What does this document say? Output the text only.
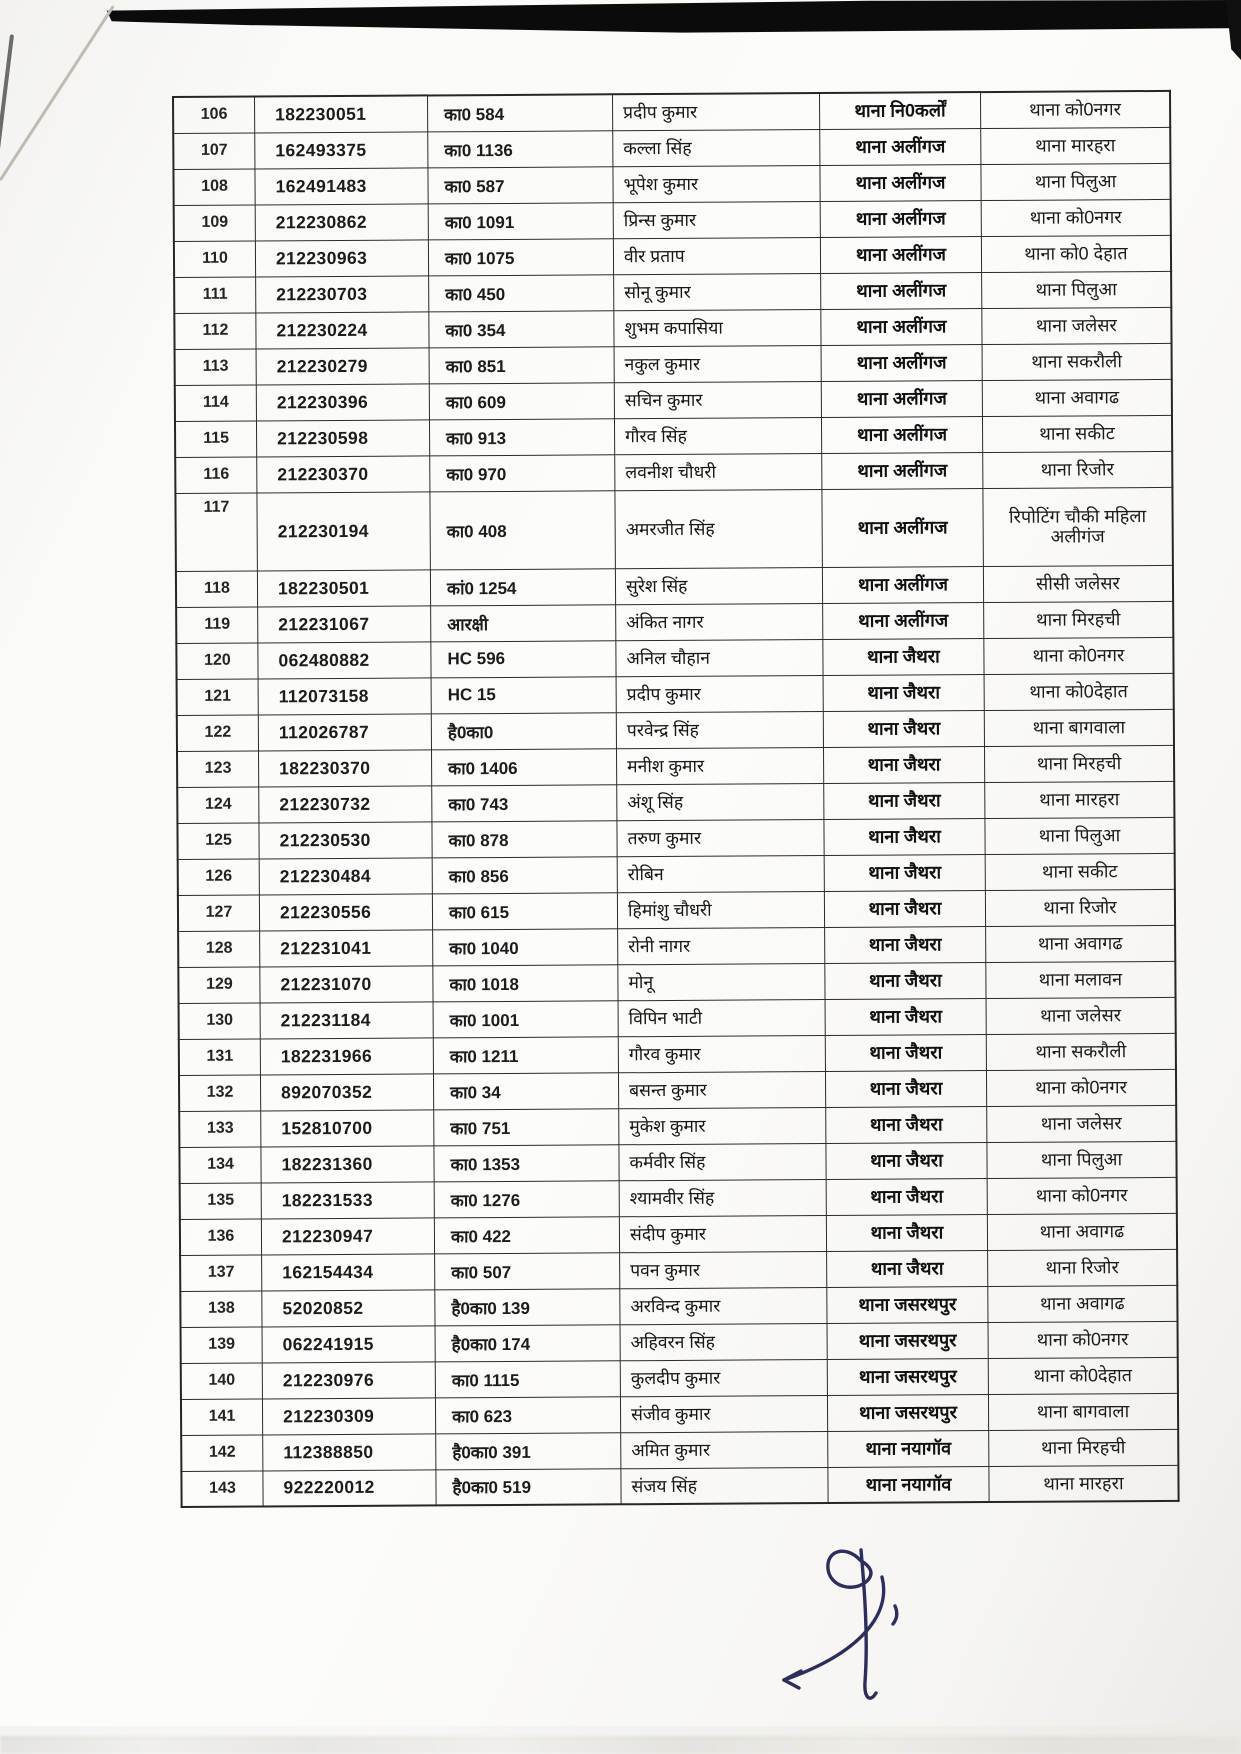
106	182230051	का0 584	प्रदीप कुमार	थाना नि0कर्लों	थाना को0नगर
107	162493375	का0 1136	कल्ला सिंह	थाना अलींगज	थाना मारहरा
108	162491483	का0 587	भूपेश कुमार	थाना अलींगज	थाना पिलुआ
109	212230862	का0 1091	प्रिन्स कुमार	थाना अलींगज	थाना को0नगर
110	212230963	का0 1075	वीर प्रताप	थाना अलींगज	थाना को0 देहात
111	212230703	का0 450	सोनू कुमार	थाना अलींगज	थाना पिलुआ
112	212230224	का0 354	शुभम कपासिया	थाना अलींगज	थाना जलेसर
113	212230279	का0 851	नकुल कुमार	थाना अलींगज	थाना सकरौली
114	212230396	का0 609	सचिन कुमार	थाना अलींगज	थाना अवागढ
115	212230598	का0 913	गौरव सिंह	थाना अलींगज	थाना सकीट
116	212230370	का0 970	लवनीश चौधरी	थाना अलींगज	थाना रिजोर
117	212230194	का0 408	अमरजीत सिंह	थाना अलींगज	रिपोटिंग चौकी महिला अलीगंज
118	182230501	कां0 1254	सुरेश सिंह	थाना अलींगज	सीसी जलेसर
119	212231067	आरक्षी	अंकित नागर	थाना अलींगज	थाना मिरहची
120	062480882	HC 596	अनिल चौहान	थाना जैथरा	थाना को0नगर
121	112073158	HC 15	प्रदीप कुमार	थाना जैथरा	थाना को0देहात
122	112026787	है0का0	परवेन्द्र सिंह	थाना जैथरा	थाना बागवाला
123	182230370	का0 1406	मनीश कुमार	थाना जैथरा	थाना मिरहची
124	212230732	का0 743	अंशू सिंह	थाना जैथरा	थाना मारहरा
125	212230530	का0 878	तरुण कुमार	थाना जैथरा	थाना पिलुआ
126	212230484	का0 856	रोबिन	थाना जैथरा	थाना सकीट
127	212230556	का0 615	हिमांशु चौधरी	थाना जैथरा	थाना रिजोर
128	212231041	का0 1040	रोनी नागर	थाना जैथरा	थाना अवागढ
129	212231070	का0 1018	मोनू	थाना जैथरा	थाना मलावन
130	212231184	का0 1001	विपिन भाटी	थाना जैथरा	थाना जलेसर
131	182231966	का0 1211	गौरव कुमार	थाना जैथरा	थाना सकरौली
132	892070352	का0 34	बसन्त कुमार	थाना जैथरा	थाना को0नगर
133	152810700	का0 751	मुकेश कुमार	थाना जैथरा	थाना जलेसर
134	182231360	का0 1353	कर्मवीर सिंह	थाना जैथरा	थाना पिलुआ
135	182231533	का0 1276	श्यामवीर सिंह	थाना जैथरा	थाना को0नगर
136	212230947	का0 422	संदीप कुमार	थाना जैथरा	थाना अवागढ
137	162154434	का0 507	पवन कुमार	थाना जैथरा	थाना रिजोर
138	52020852	है0का0 139	अरविन्द कुमार	थाना जसरथपुर	थाना अवागढ
139	062241915	है0का0 174	अहिवरन सिंह	थाना जसरथपुर	थाना को0नगर
140	212230976	का0 1115	कुलदीप कुमार	थाना जसरथपुर	थाना को0देहात
141	212230309	का0 623	संजीव कुमार	थाना जसरथपुर	थाना बागवाला
142	112388850	है0का0 391	अमित कुमार	थाना नयागॉव	थाना मिरहची
143	922220012	है0का0 519	संजय सिंह	थाना नयागॉव	थाना मारहरा
